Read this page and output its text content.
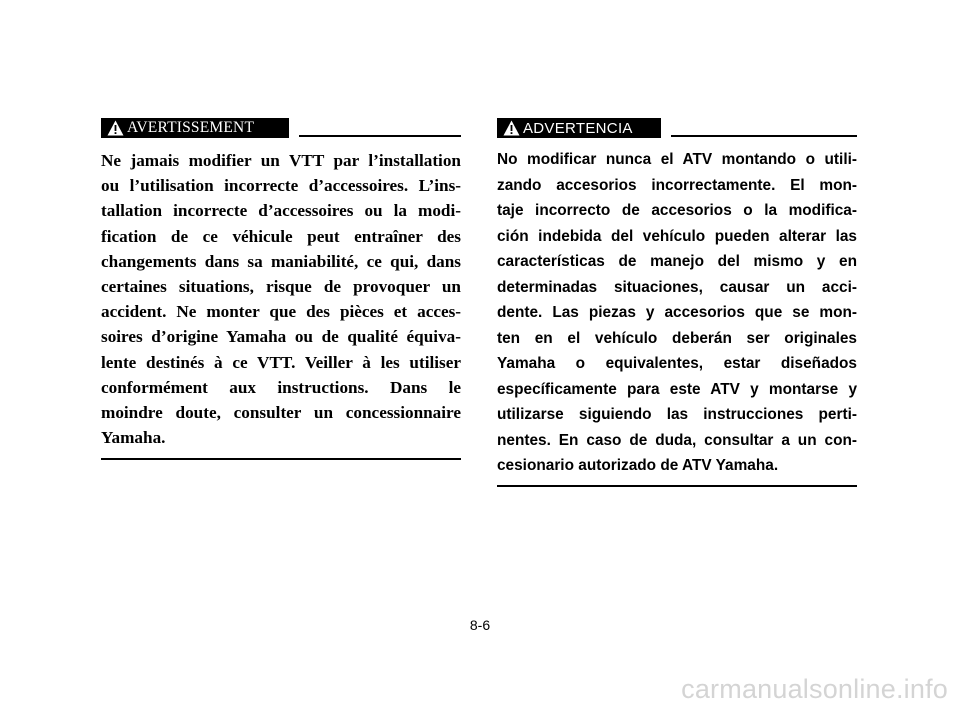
AVERTISSEMENT
Ne jamais modifier un VTT par l’installation
ou l’utilisation incorrecte d’accessoires. L’ins-
tallation incorrecte d’accessoires ou la modi-
fication de ce véhicule peut entraîner des
changements dans sa maniabilité, ce qui, dans
certaines situations, risque de provoquer un
accident. Ne monter que des pièces et acces-
soires d’origine Yamaha ou de qualité équiva-
lente destinés à ce VTT. Veiller à les utiliser
conformément aux instructions. Dans le
moindre doute, consulter un concessionnaire
Yamaha.
ADVERTENCIA
No modificar nunca el ATV montando o utili-
zando accesorios incorrectamente. El mon-
taje incorrecto de accesorios o la modifica-
ción indebida del vehículo pueden alterar las
características de manejo del mismo y en
determinadas situaciones, causar un acci-
dente. Las piezas y accesorios que se mon-
ten en el vehículo deberán ser originales
Yamaha o equivalentes, estar diseñados
específicamente para este ATV y montarse y
utilizarse siguiendo las instrucciones perti-
nentes. En caso de duda, consultar a un con-
cesionario autorizado de ATV Yamaha.
8-6
carmanualsonline.info
